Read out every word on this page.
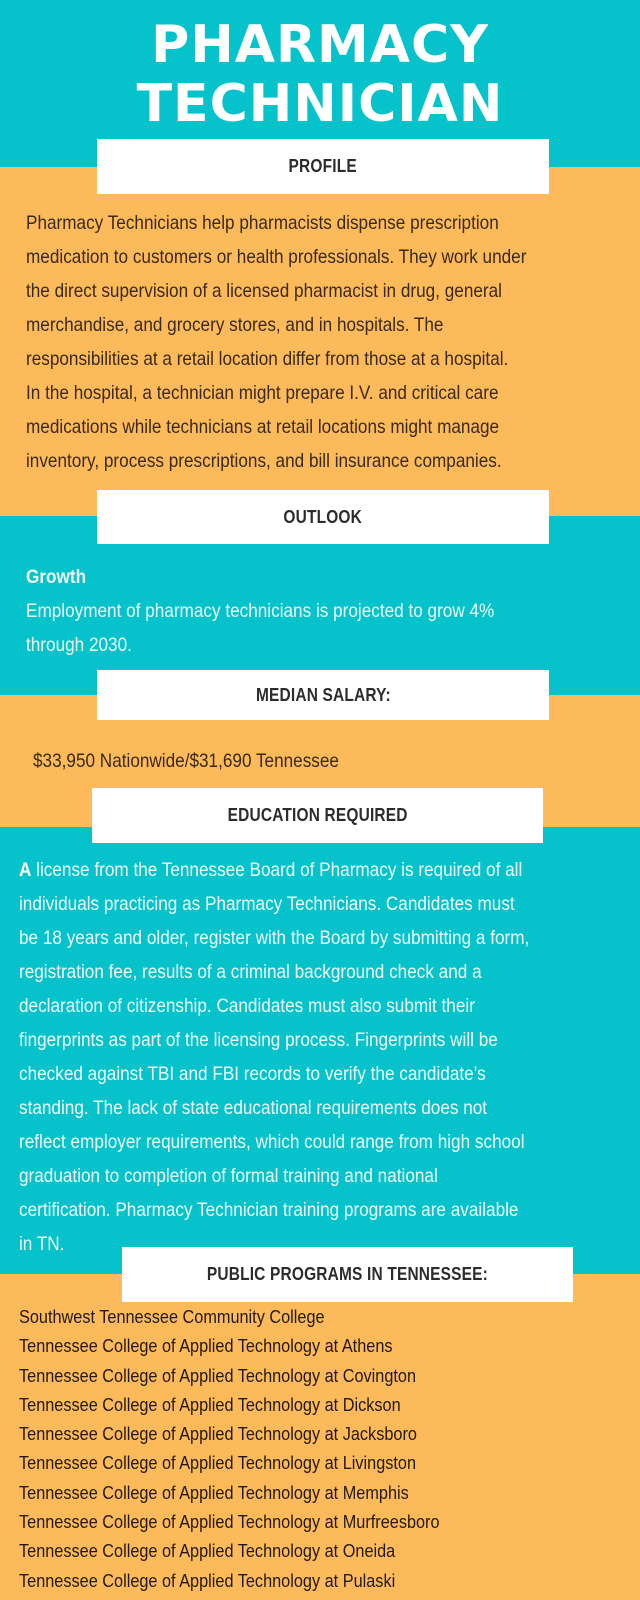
PHARMACY
TECHNICIAN
PROFILE
Pharmacy Technicians help pharmacists dispense prescription
medication to customers or health professionals. They work under
the direct supervision of a licensed pharmacist in drug, general
merchandise, and grocery stores, and in hospitals. The
responsibilities at a retail location differ from those at a hospital.
In the hospital, a technician might prepare I.V. and critical care
medications while technicians at retail locations might manage
inventory, process prescriptions, and bill insurance companies.
OUTLOOK
Growth
Employment of pharmacy technicians is projected to grow 4%
through 2030.
MEDIAN SALARY:
$33,950 Nationwide/$31,690 Tennessee
EDUCATION REQUIRED
A license from the Tennessee Board of Pharmacy is required of all
individuals practicing as Pharmacy Technicians. Candidates must
be 18 years and older, register with the Board by submitting a form,
registration fee, results of a criminal background check and a
declaration of citizenship. Candidates must also submit their
fingerprints as part of the licensing process. Fingerprints will be
checked against TBI and FBI records to verify the candidate’s
standing. The lack of state educational requirements does not
reflect employer requirements, which could range from high school
graduation to completion of formal training and national
certification. Pharmacy Technician training programs are available
in TN.
PUBLIC PROGRAMS IN TENNESSEE:
Southwest Tennessee Community College
Tennessee College of Applied Technology at Athens
Tennessee College of Applied Technology at Covington
Tennessee College of Applied Technology at Dickson
Tennessee College of Applied Technology at Jacksboro
Tennessee College of Applied Technology at Livingston
Tennessee College of Applied Technology at Memphis
Tennessee College of Applied Technology at Murfreesboro
Tennessee College of Applied Technology at Oneida
Tennessee College of Applied Technology at Pulaski
